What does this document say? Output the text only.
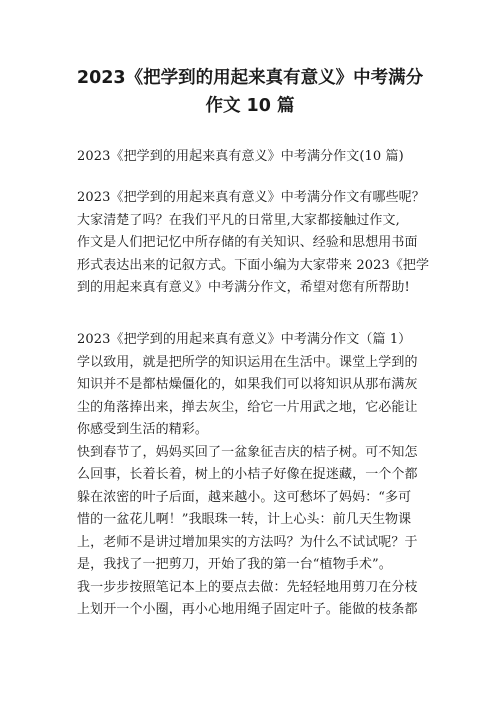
2023《把学到的用起来真有意义》中考满分
作文 10 篇

2023《把学到的用起来真有意义》中考满分作文(10 篇)

2023《把学到的用起来真有意义》中考满分作文有哪些呢？
大家清楚了吗？在我们平凡的日常里,大家都接触过作文,
作文是人们把记忆中所存储的有关知识、经验和思想用书面
形式表达出来的记叙方式。下面小编为大家带来 2023《把学
到的用起来真有意义》中考满分作文，希望对您有所帮助!
2023《把学到的用起来真有意义》中考满分作文（篇 1）
学以致用，就是把所学的知识运用在生活中。课堂上学到的
知识并不是都枯燥僵化的，如果我们可以将知识从那布满灰
尘的角落捧出来，掸去灰尘，给它一片用武之地，它必能让
你感受到生活的精彩。
快到春节了，妈妈买回了一盆象征吉庆的桔子树。可不知怎
么回事，长着长着，树上的小桔子好像在捉迷藏，一个个都
躲在浓密的叶子后面，越来越小。这可愁坏了妈妈：“多可
惜的一盆花儿啊！”我眼珠一转，计上心头：前几天生物课
上，老师不是讲过增加果实的方法吗？为什么不试试呢？于
是，我找了一把剪刀，开始了我的第一台“植物手术”。
我一步步按照笔记本上的要点去做：先轻轻地用剪刀在分枝
上划开一个小圈，再小心地用绳子固定叶子。能做的枝条都
